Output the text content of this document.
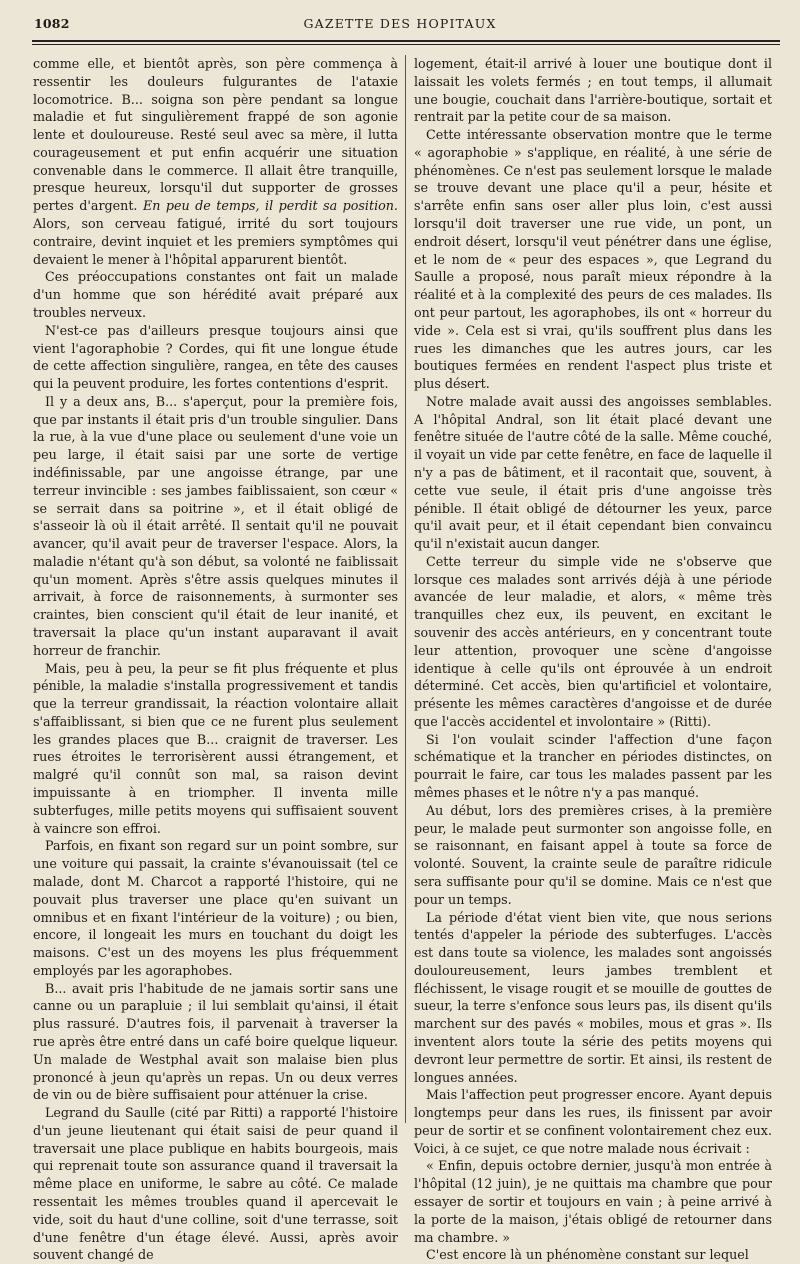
1082	GAZETTE DES HOPITAUX

comme elle, et bientôt après, son père commença à ressentir les douleurs fulgurantes de l'ataxie locomotrice. B... soigna son père pendant sa longue maladie et fut singulièrement frappé de son agonie lente et douloureuse. Resté seul avec sa mère, il lutta courageusement et put enfin acquérir une situation convenable dans le commerce. Il allait être tranquille, presque heureux, lorsqu'il dut supporter de grosses pertes d'argent. En peu de temps, il perdit sa position. Alors, son cerveau fatigué, irrité du sort toujours contraire, devint inquiet et les premiers symptômes qui devaient le mener à l'hôpital apparurent bientôt.

Ces préoccupations constantes ont fait un malade d'un homme que son hérédité avait préparé aux troubles nerveux.

N'est-ce pas d'ailleurs presque toujours ainsi que vient l'agoraphobie ? Cordes, qui fit une longue étude de cette affection singulière, rangea, en tête des causes qui la peuvent produire, les fortes contentions d'esprit.

Il y a deux ans, B... s'aperçut, pour la première fois, que par instants il était pris d'un trouble singulier. Dans la rue, à la vue d'une place ou seulement d'une voie un peu large, il était saisi par une sorte de vertige indéfinissable, par une angoisse étrange, par une terreur invincible : ses jambes faiblissaient, son cœur « se serrait dans sa poitrine », et il était obligé de s'asseoir là où il était arrêté. Il sentait qu'il ne pouvait avancer, qu'il avait peur de traverser l'espace. Alors, la maladie n'étant qu'à son début, sa volonté ne faiblissait qu'un moment. Après s'être assis quelques minutes il arrivait, à force de raisonnements, à surmonter ses craintes, bien conscient qu'il était de leur inanité, et traversait la place qu'un instant auparavant il avait horreur de franchir.

Mais, peu à peu, la peur se fit plus fréquente et plus pénible, la maladie s'installa progressivement et tandis que la terreur grandissait, la réaction volontaire allait s'affaiblissant, si bien que ce ne furent plus seulement les grandes places que B... craignit de traverser. Les rues étroites le terrorisèrent aussi étrangement, et malgré qu'il connût son mal, sa raison devint impuissante à en triompher. Il inventa mille subterfuges, mille petits moyens qui suffisaient souvent à vaincre son effroi.

Parfois, en fixant son regard sur un point sombre, sur une voiture qui passait, la crainte s'évanouissait (tel ce malade, dont M. Charcot a rapporté l'histoire, qui ne pouvait plus traverser une place qu'en suivant un omnibus et en fixant l'intérieur de la voiture) ; ou bien, encore, il longeait les murs en touchant du doigt les maisons. C'est un des moyens les plus fréquemment employés par les agoraphobes.

B... avait pris l'habitude de ne jamais sortir sans une canne ou un parapluie ; il lui semblait qu'ainsi, il était plus rassuré. D'autres fois, il parvenait à traverser la rue après être entré dans un café boire quelque liqueur. Un malade de Westphal avait son malaise bien plus prononcé à jeun qu'après un repas. Un ou deux verres de vin ou de bière suffisaient pour atténuer la crise.

Legrand du Saulle (cité par Ritti) a rapporté l'histoire d'un jeune lieutenant qui était saisi de peur quand il traversait une place publique en habits bourgeois, mais qui reprenait toute son assurance quand il traversait la même place en uniforme, le sabre au côté. Ce malade ressentait les mêmes troubles quand il apercevait le vide, soit du haut d'une colline, soit d'une terrasse, soit d'une fenêtre d'un étage élevé. Aussi, après avoir souvent changé de

logement, était-il arrivé à louer une boutique dont il laissait les volets fermés ; en tout temps, il allumait une bougie, couchait dans l'arrière-boutique, sortait et rentrait par la petite cour de sa maison.

Cette intéressante observation montre que le terme « agoraphobie » s'applique, en réalité, à une série de phénomènes. Ce n'est pas seulement lorsque le malade se trouve devant une place qu'il a peur, hésite et s'arrête enfin sans oser aller plus loin, c'est aussi lorsqu'il doit traverser une rue vide, un pont, un endroit désert, lorsqu'il veut pénétrer dans une église, et le nom de « peur des espaces », que Legrand du Saulle a proposé, nous paraît mieux répondre à la réalité et à la complexité des peurs de ces malades. Ils ont peur partout, les agoraphobes, ils ont « horreur du vide ». Cela est si vrai, qu'ils souffrent plus dans les rues les dimanches que les autres jours, car les boutiques fermées en rendent l'aspect plus triste et plus désert.

Notre malade avait aussi des angoisses semblables. A l'hôpital Andral, son lit était placé devant une fenêtre située de l'autre côté de la salle. Même couché, il voyait un vide par cette fenêtre, en face de laquelle il n'y a pas de bâtiment, et il racontait que, souvent, à cette vue seule, il était pris d'une angoisse très pénible. Il était obligé de détourner les yeux, parce qu'il avait peur, et il était cependant bien convaincu qu'il n'existait aucun danger.

Cette terreur du simple vide ne s'observe que lorsque ces malades sont arrivés déjà à une période avancée de leur maladie, et alors, « même très tranquilles chez eux, ils peuvent, en excitant le souvenir des accès antérieurs, en y concentrant toute leur attention, provoquer une scène d'angoisse identique à celle qu'ils ont éprouvée à un endroit déterminé. Cet accès, bien qu'artificiel et volontaire, présente les mêmes caractères d'angoisse et de durée que l'accès accidentel et involontaire » (Ritti).

Si l'on voulait scinder l'affection d'une façon schématique et la trancher en périodes distinctes, on pourrait le faire, car tous les malades passent par les mêmes phases et le nôtre n'y a pas manqué.

Au début, lors des premières crises, à la première peur, le malade peut surmonter son angoisse folle, en se raisonnant, en faisant appel à toute sa force de volonté. Souvent, la crainte seule de paraître ridicule sera suffisante pour qu'il se domine. Mais ce n'est que pour un temps.

La période d'état vient bien vite, que nous serions tentés d'appeler la période des subterfuges. L'accès est dans toute sa violence, les malades sont angoissés douloureusement, leurs jambes tremblent et fléchissent, le visage rougit et se mouille de gouttes de sueur, la terre s'enfonce sous leurs pas, ils disent qu'ils marchent sur des pavés « mobiles, mous et gras ». Ils inventent alors toute la série des petits moyens qui devront leur permettre de sortir. Et ainsi, ils restent de longues années.

Mais l'affection peut progresser encore. Ayant depuis longtemps peur dans les rues, ils finissent par avoir peur de sortir et se confinent volontairement chez eux. Voici, à ce sujet, ce que notre malade nous écrivait :

« Enfin, depuis octobre dernier, jusqu'à mon entrée à l'hôpital (12 juin), je ne quittais ma chambre que pour essayer de sortir et toujours en vain ; à peine arrivé à la porte de la maison, j'étais obligé de retourner dans ma chambre. »

C'est encore là un phénomène constant sur lequel
